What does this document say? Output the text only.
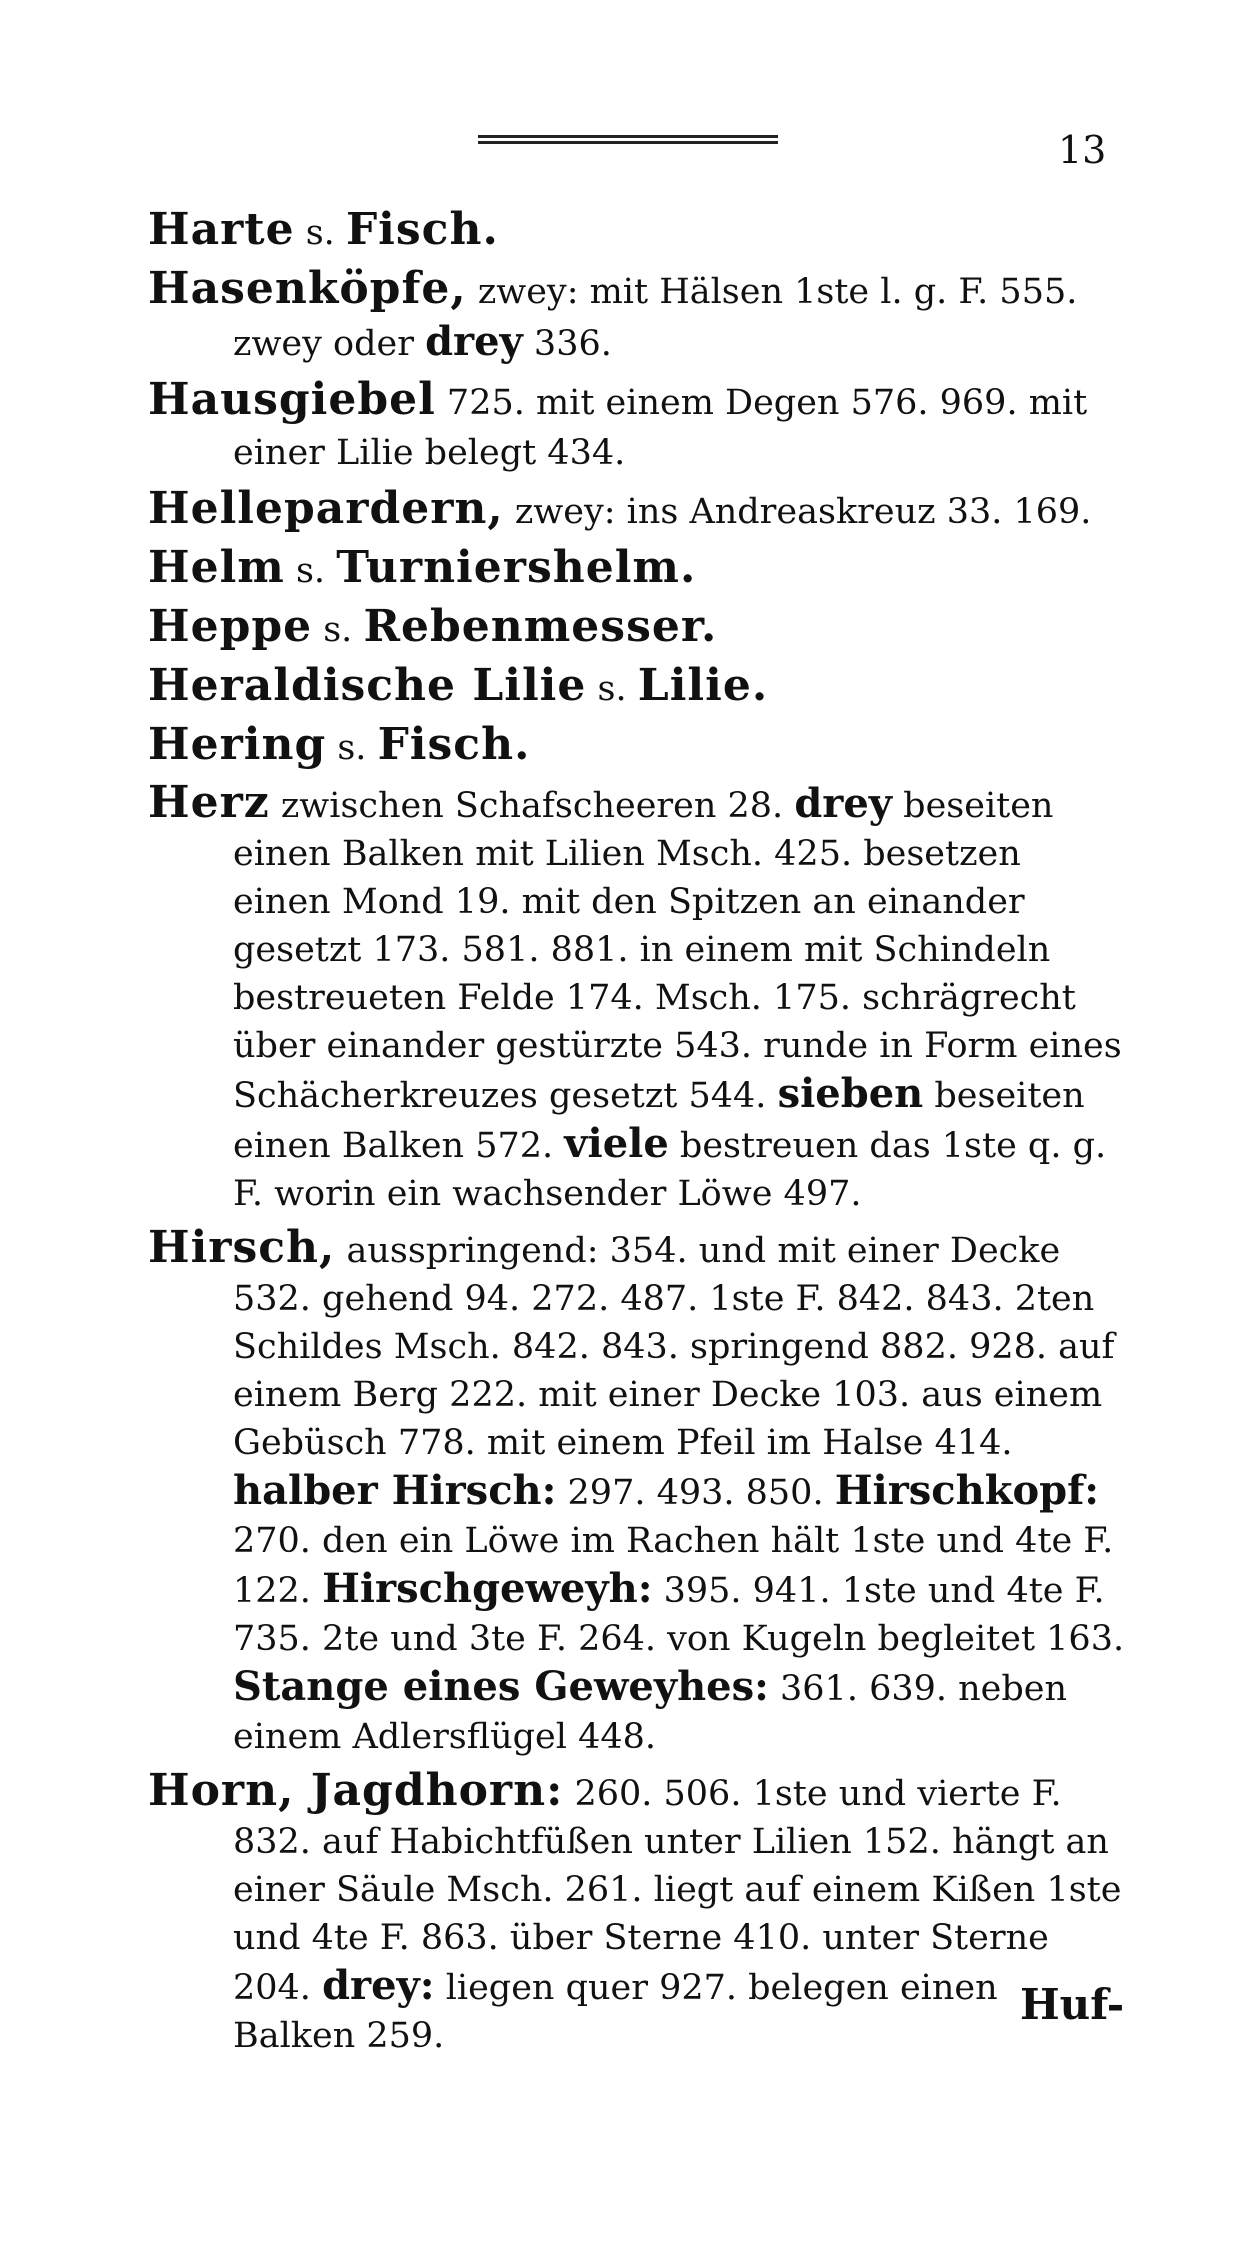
13

Harte s. Fisch.

Hasenköpfe, zwey: mit Hälsen 1ste l. g. F. 555. zwey oder drey 336.

Hausgiebel 725. mit einem Degen 576. 969. mit einer Lilie belegt 434.

Hellepardern, zwey: ins Andreaskreuz 33. 169.

Helm s. Turniershelm.

Heppe s. Rebenmesser.

Heraldische Lilie s. Lilie.

Hering s. Fisch.

Herz zwischen Schafscheeren 28. drey beseiten einen Balken mit Lilien Msch. 425. besetzen einen Mond 19. mit den Spitzen an einander gesetzt 173. 581. 881. in einem mit Schindeln bestreueten Felde 174. Msch. 175. schrägrecht über einander gestürzte 543. runde in Form eines Schächerkreuzes gesetzt 544. sieben beseiten einen Balken 572. viele bestreuen das 1ste q. g. F. worin ein wachsender Löwe 497.

Hirsch, ausspringend: 354. und mit einer Decke 532. gehend 94. 272. 487. 1ste F. 842. 843. 2ten Schildes Msch. 842. 843. springend 882. 928. auf einem Berg 222. mit einer Decke 103. aus einem Gebüsch 778. mit einem Pfeil im Halse 414. halber Hirsch: 297. 493. 850. Hirschkopf: 270. den ein Löwe im Rachen hält 1ste und 4te F. 122. Hirschgeweyh: 395. 941. 1ste und 4te F. 735. 2te und 3te F. 264. von Kugeln begleitet 163. Stange eines Geweyhes: 361. 639. neben einem Adlersflügel 448.

Horn, Jagdhorn: 260. 506. 1ste und vierte F. 832. auf Habichtfüßen unter Lilien 152. hängt an einer Säule Msch. 261. liegt auf einem Kißen 1ste und 4te F. 863. über Sterne 410. unter Sterne 204. drey: liegen quer 927. belegen einen Balken 259.

Huf-
